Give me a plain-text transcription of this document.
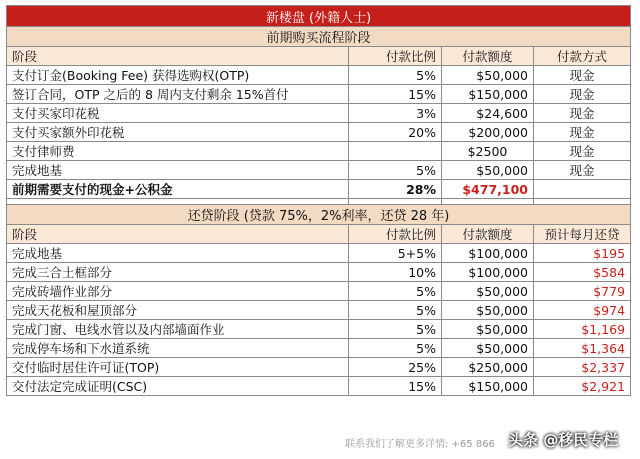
新楼盘 (外籍人士)			
前期购买流程阶段			
阶段	付款比例	付款额度	付款方式
支付订金(Booking Fee) 获得选购权(OTP)	5%	$50,000	现金
签订合同，OTP 之后的 8 周内支付剩余 15%首付	15%	$150,000	现金
支付买家印花税	3%	$24,600	现金
支付买家额外印花税	20%	$200,000	现金
支付律师费		$2500	现金
完成地基	5%	$50,000	现金
前期需要支付的现金+公积金	28%	$477,100	

还贷阶段 (贷款 75%，2%利率，还贷 28 年)			
阶段	付款比例	付款额度	预计每月还贷
完成地基	5+5%	$100,000	$195
完成三合土框部分	10%	$100,000	$584
完成砖墙作业部分	5%	$50,000	$779
完成天花板和屋顶部分	5%	$50,000	$974
完成门窗、电线水管以及内部墙面作业	5%	$50,000	$1,169
完成停车场和下水道系统	5%	$50,000	$1,364
交付临时居住许可证(TOP)	25%	$250,000	$2,337
交付法定完成证明(CSC)	15%	$150,000	$2,921
联系我们了解更多详情: +65 866 头条 @移民专栏
